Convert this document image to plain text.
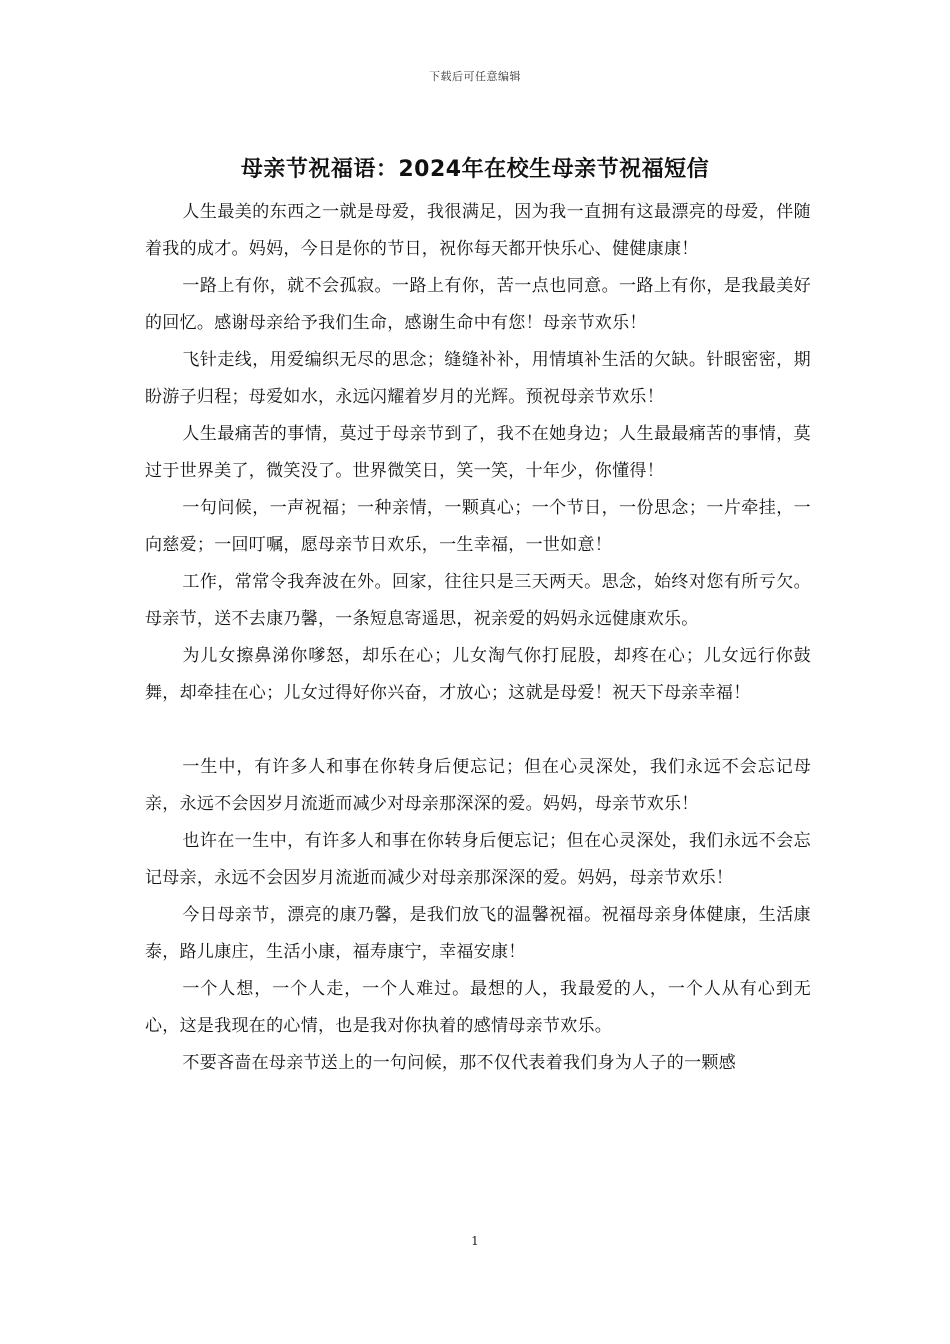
下载后可任意编辑
母亲节祝福语：2024年在校生母亲节祝福短信

人生最美的东西之一就是母爱，我很满足，因为我一直拥有这最漂亮的母爱，伴随着我的成才。妈妈，今日是你的节日，祝你每天都开快乐心、健健康康！

一路上有你，就不会孤寂。一路上有你，苦一点也同意。一路上有你，是我最美好的回忆。感谢母亲给予我们生命，感谢生命中有您！母亲节欢乐！

飞针走线，用爱编织无尽的思念；缝缝补补，用情填补生活的欠缺。针眼密密，期盼游子归程；母爱如水，永远闪耀着岁月的光辉。预祝母亲节欢乐！

人生最痛苦的事情，莫过于母亲节到了，我不在她身边；人生最最痛苦的事情，莫过于世界美了，微笑没了。世界微笑日，笑一笑，十年少，你懂得！

一句问候，一声祝福；一种亲情，一颗真心；一个节日，一份思念；一片牵挂，一向慈爱；一回叮嘱，愿母亲节日欢乐，一生幸福，一世如意！

工作，常常令我奔波在外。回家，往往只是三天两天。思念，始终对您有所亏欠。母亲节，送不去康乃馨，一条短息寄遥思，祝亲爱的妈妈永远健康欢乐。

为儿女擦鼻涕你嗲怒，却乐在心；儿女淘气你打屁股，却疼在心；儿女远行你鼓舞，却牵挂在心；儿女过得好你兴奋，才放心；这就是母爱！祝天下母亲幸福！

一生中，有许多人和事在你转身后便忘记；但在心灵深处，我们永远不会忘记母亲，永远不会因岁月流逝而减少对母亲那深深的爱。妈妈，母亲节欢乐！

也许在一生中，有许多人和事在你转身后便忘记；但在心灵深处，我们永远不会忘记母亲，永远不会因岁月流逝而减少对母亲那深深的爱。妈妈，母亲节欢乐！

今日母亲节，漂亮的康乃馨，是我们放飞的温馨祝福。祝福母亲身体健康，生活康泰，路儿康庄，生活小康，福寿康宁，幸福安康！

一个人想，一个人走，一个人难过。最想的人，我最爱的人，一个人从有心到无心，这是我现在的心情，也是我对你执着的感情母亲节欢乐。

不要吝啬在母亲节送上的一句问候，那不仅代表着我们身为人子的一颗感

1
